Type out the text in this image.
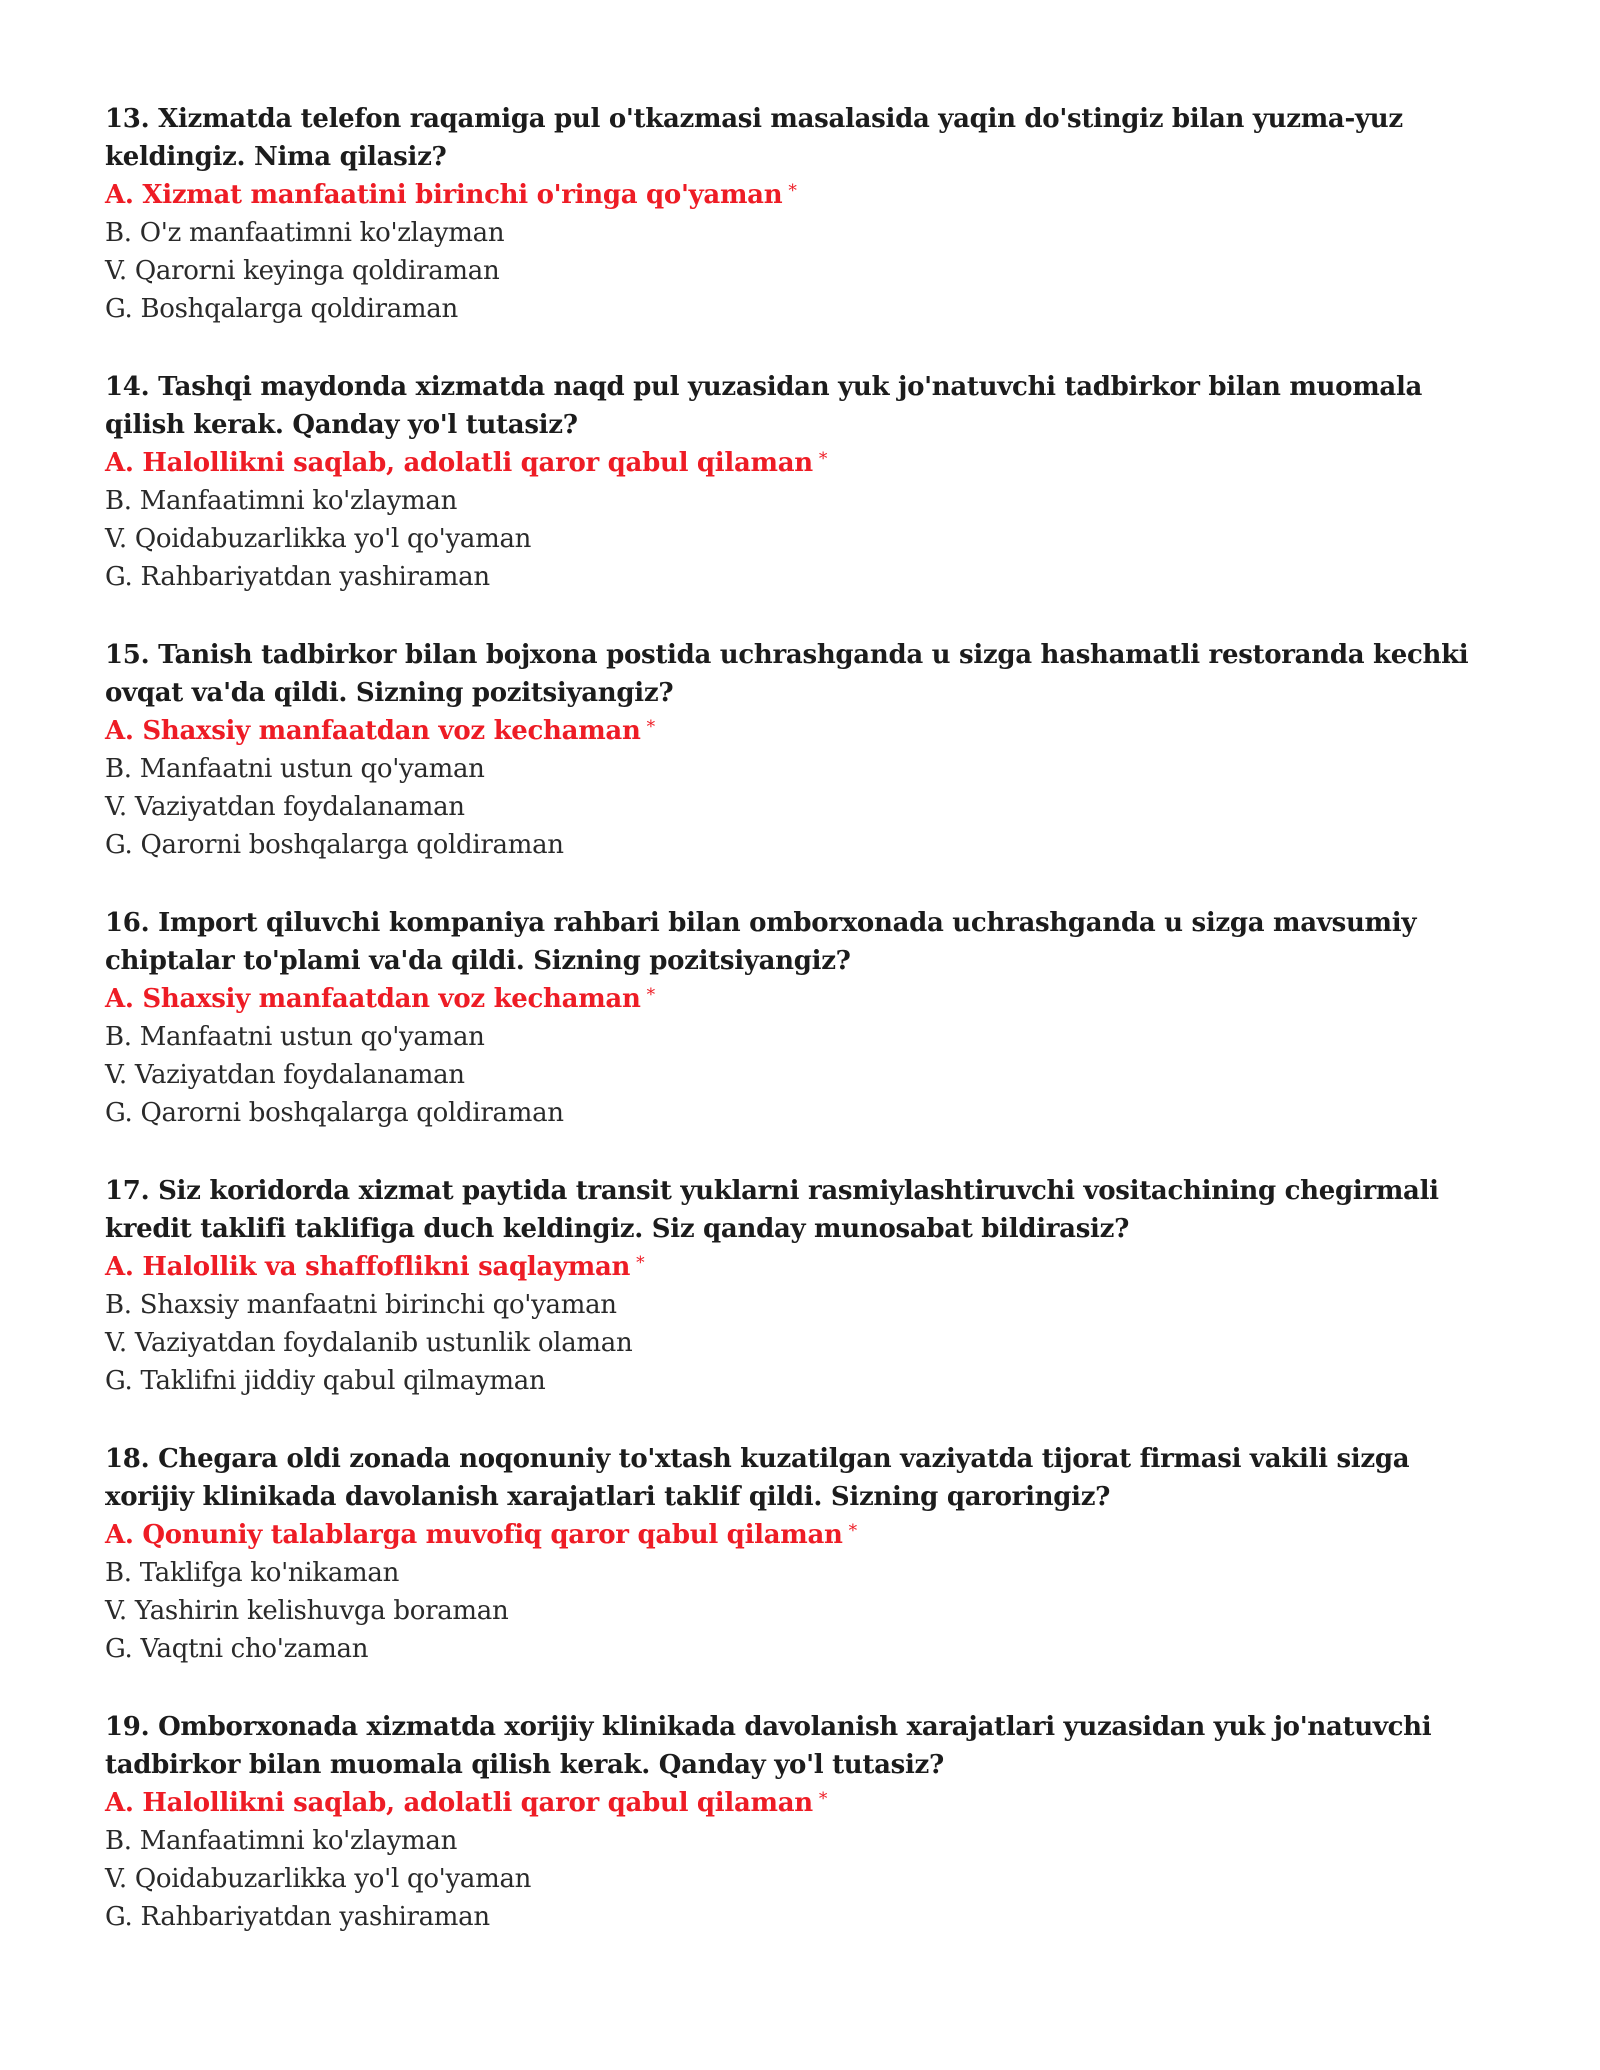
13. Xizmatda telefon raqamiga pul o'tkazmasi masalasida yaqin do'stingiz bilan yuzma-yuz keldingiz. Nima qilasiz?

A. Xizmat manfaatini birinchi o'ringa qo'yaman *
B. O'z manfaatimni ko'zlayman
V. Qarorni keyinga qoldiraman
G. Boshqalarga qoldiraman

14. Tashqi maydonda xizmatda naqd pul yuzasidan yuk jo'natuvchi tadbirkor bilan muomala qilish kerak. Qanday yo'l tutasiz?

A. Halollikni saqlab, adolatli qaror qabul qilaman *
B. Manfaatimni ko'zlayman
V. Qoidabuzarlikka yo'l qo'yaman
G. Rahbariyatdan yashiraman

15. Tanish tadbirkor bilan bojxona postida uchrashganda u sizga hashamatli restoranda kechki ovqat va'da qildi. Sizning pozitsiyangiz?

A. Shaxsiy manfaatdan voz kechaman *
B. Manfaatni ustun qo'yaman
V. Vaziyatdan foydalanaman
G. Qarorni boshqalarga qoldiraman

16. Import qiluvchi kompaniya rahbari bilan omborxonada uchrashganda u sizga mavsumiy chiptalar to'plami va'da qildi. Sizning pozitsiyangiz?

A. Shaxsiy manfaatdan voz kechaman *
B. Manfaatni ustun qo'yaman
V. Vaziyatdan foydalanaman
G. Qarorni boshqalarga qoldiraman

17. Siz koridorda xizmat paytida transit yuklarni rasmiylashtiruvchi vositachining chegirmali kredit taklifi taklifiga duch keldingiz. Siz qanday munosabat bildirasiz?

A. Halollik va shaffoflikni saqlayman *
B. Shaxsiy manfaatni birinchi qo'yaman
V. Vaziyatdan foydalanib ustunlik olaman
G. Taklifni jiddiy qabul qilmayman

18. Chegara oldi zonada noqonuniy to'xtash kuzatilgan vaziyatda tijorat firmasi vakili sizga xorijiy klinikada davolanish xarajatlari taklif qildi. Sizning qaroringiz?

A. Qonuniy talablarga muvofiq qaror qabul qilaman *
B. Taklifga ko'nikaman
V. Yashirin kelishuvga boraman
G. Vaqtni cho'zaman

19. Omborxonada xizmatda xorijiy klinikada davolanish xarajatlari yuzasidan yuk jo'natuvchi tadbirkor bilan muomala qilish kerak. Qanday yo'l tutasiz?

A. Halollikni saqlab, adolatli qaror qabul qilaman *
B. Manfaatimni ko'zlayman
V. Qoidabuzarlikka yo'l qo'yaman
G. Rahbariyatdan yashiraman
